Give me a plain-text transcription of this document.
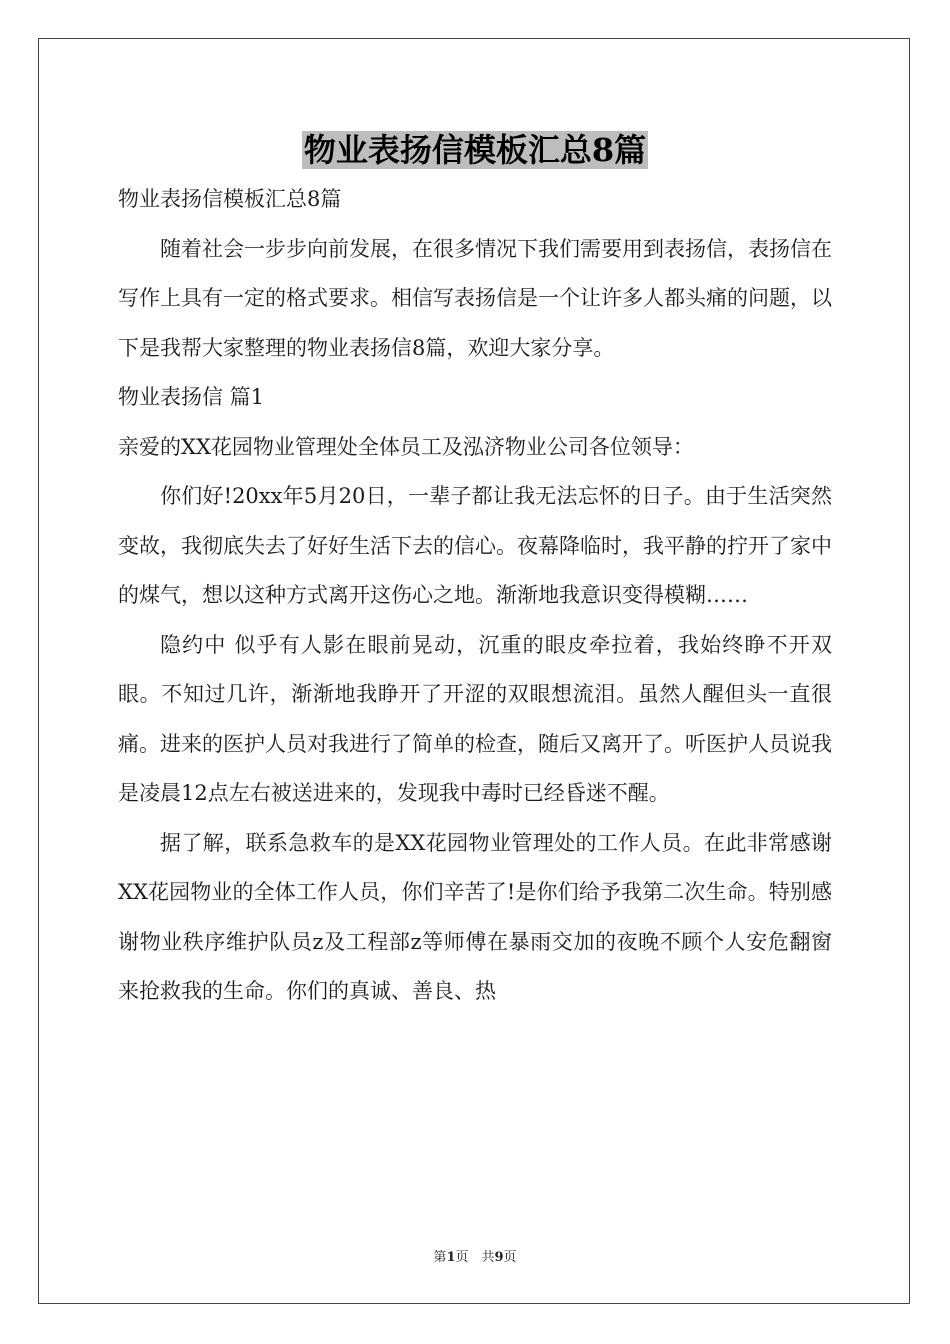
物业表扬信模板汇总8篇

物业表扬信模板汇总8篇

随着社会一步步向前发展，在很多情况下我们需要用到表扬信，表扬信在写作上具有一定的格式要求。相信写表扬信是一个让许多人都头痛的问题，以下是我帮大家整理的物业表扬信8篇，欢迎大家分享。

物业表扬信 篇1

亲爱的XX花园物业管理处全体员工及泓济物业公司各位领导：

你们好!20xx年5月20日，一辈子都让我无法忘怀的日子。由于生活突然变故，我彻底失去了好好生活下去的信心。夜幕降临时，我平静的拧开了家中的煤气，想以这种方式离开这伤心之地。渐渐地我意识变得模糊……

隐约中 似乎有人影在眼前晃动，沉重的眼皮牵拉着，我始终睁不开双眼。不知过几许，渐渐地我睁开了开涩的双眼想流泪。虽然人醒但头一直很痛。进来的医护人员对我进行了简单的检查，随后又离开了。听医护人员说我是凌晨12点左右被送进来的，发现我中毒时已经昏迷不醒。

据了解，联系急救车的是XX花园物业管理处的工作人员。在此非常感谢XX花园物业的全体工作人员，你们辛苦了!是你们给予我第二次生命。特别感谢物业秩序维护队员z及工程部z等师傅在暴雨交加的夜晚不顾个人安危翻窗来抢救我的生命。你们的真诚、善良、热

第1页　共9页
